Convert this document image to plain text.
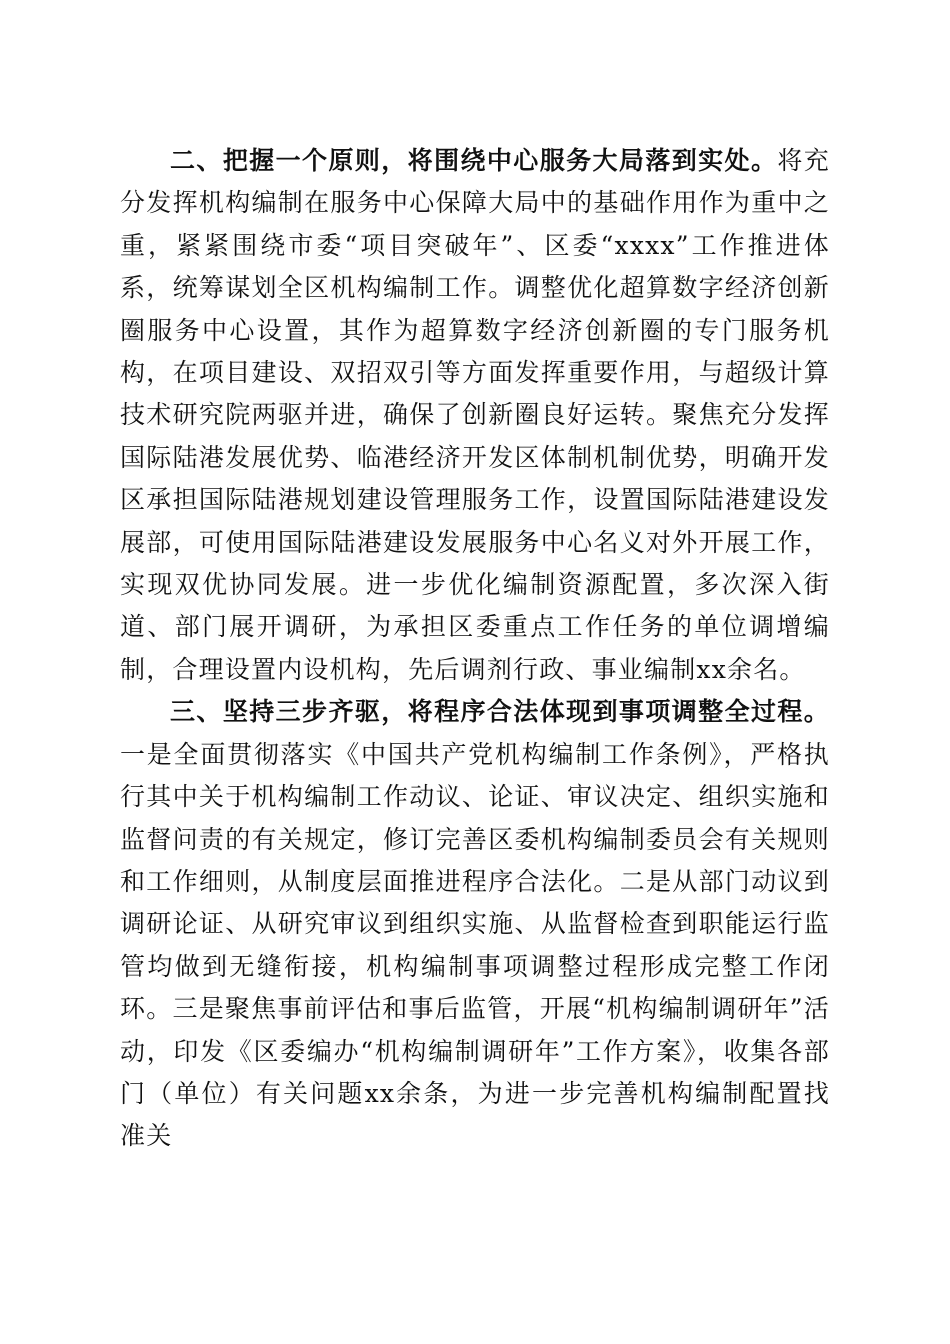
二、把握一个原则，将围绕中心服务大局落到实处。将充分发挥机构编制在服务中心保障大局中的基础作用作为重中之重，紧紧围绕市委“项目突破年”、区委“xxxx”工作推进体系，统筹谋划全区机构编制工作。调整优化超算数字经济创新圈服务中心设置，其作为超算数字经济创新圈的专门服务机构，在项目建设、双招双引等方面发挥重要作用，与超级计算技术研究院两驱并进，确保了创新圈良好运转。聚焦充分发挥国际陆港发展优势、临港经济开发区体制机制优势，明确开发区承担国际陆港规划建设管理服务工作，设置国际陆港建设发展部，可使用国际陆港建设发展服务中心名义对外开展工作，实现双优协同发展。进一步优化编制资源配置，多次深入街道、部门展开调研，为承担区委重点工作任务的单位调增编制，合理设置内设机构，先后调剂行政、事业编制xx余名。

三、坚持三步齐驱，将程序合法体现到事项调整全过程。一是全面贯彻落实《中国共产党机构编制工作条例》，严格执行其中关于机构编制工作动议、论证、审议决定、组织实施和监督问责的有关规定，修订完善区委机构编制委员会有关规则和工作细则，从制度层面推进程序合法化。二是从部门动议到调研论证、从研究审议到组织实施、从监督检查到职能运行监管均做到无缝衔接，机构编制事项调整过程形成完整工作闭环。三是聚焦事前评估和事后监管，开展“机构编制调研年”活动，印发《区委编办“机构编制调研年”工作方案》，收集各部门（单位）有关问题xx余条，为进一步完善机构编制配置找准关
